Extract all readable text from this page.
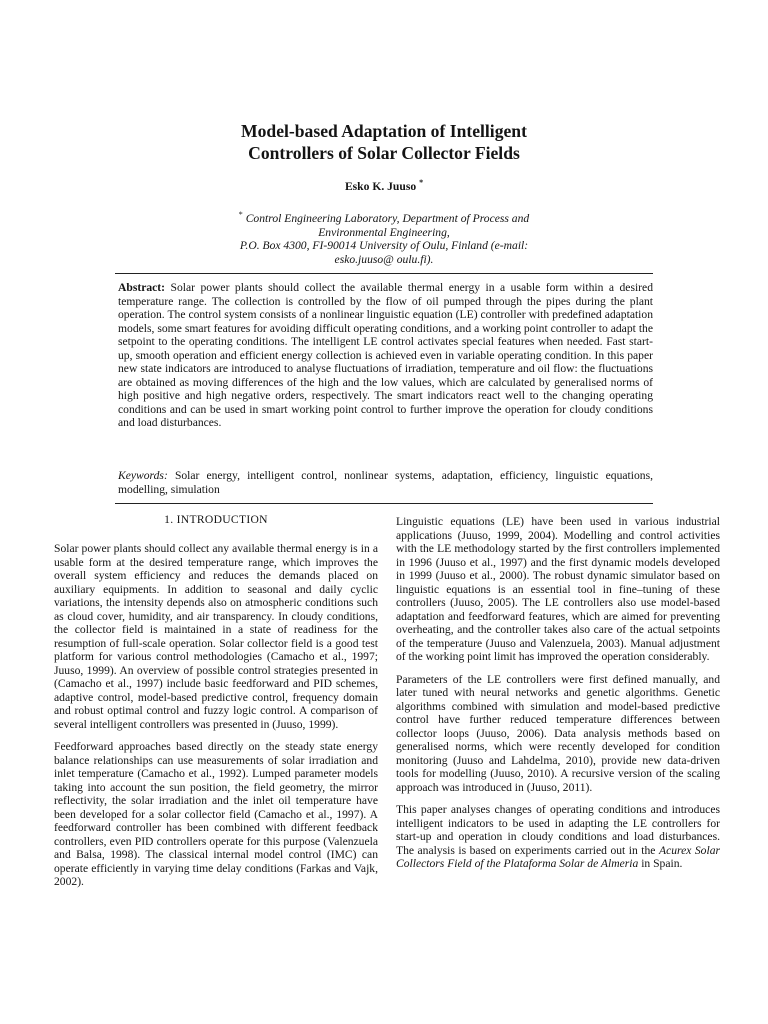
Model-based Adaptation of Intelligent
Controllers of Solar Collector Fields
Esko K. Juuso *
* Control Engineering Laboratory, Department of Process and
Environmental Engineering,
P.O. Box 4300, FI-90014 University of Oulu, Finland (e-mail:
esko.juuso@ oulu.fi).

Abstract: Solar power plants should collect the available thermal energy in a usable form within a desired temperature range. The collection is controlled by the flow of oil pumped through the pipes during the plant operation. The control system consists of a nonlinear linguistic equation (LE) controller with predefined adaptation models, some smart features for avoiding difficult operating conditions, and a working point controller to adapt the setpoint to the operating conditions. The intelligent LE control activates special features when needed. Fast start-up, smooth operation and efficient energy collection is achieved even in variable operating condition. In this paper new state indicators are introduced to analyse fluctuations of irradiation, temperature and oil flow: the fluctuations are obtained as moving differences of the high and the low values, which are calculated by generalised norms of high positive and high negative orders, respectively. The smart indicators react well to the changing operating conditions and can be used in smart working point control to further improve the operation for cloudy conditions and load disturbances.

Keywords: Solar energy, intelligent control, nonlinear systems, adaptation, efficiency, linguistic equations, modelling, simulation

1. INTRODUCTION

Solar power plants should collect any available thermal energy is in a usable form at the desired temperature range, which improves the overall system efficiency and reduces the demands placed on auxiliary equipments. In addition to seasonal and daily cyclic variations, the intensity depends also on atmospheric conditions such as cloud cover, humidity, and air transparency. In cloudy conditions, the collector field is maintained in a state of readiness for the resumption of full-scale operation. Solar collector field is a good test platform for various control methodologies (Camacho et al., 1997; Juuso, 1999). An overview of possible control strategies presented in (Camacho et al., 1997) include basic feedforward and PID schemes, adaptive control, model-based predictive control, frequency domain and robust optimal control and fuzzy logic control. A comparison of several intelligent controllers was presented in (Juuso, 1999).

Feedforward approaches based directly on the steady state energy balance relationships can use measurements of solar irradiation and inlet temperature (Camacho et al., 1992). Lumped parameter models taking into account the sun position, the field geometry, the mirror reflectivity, the solar irradiation and the inlet oil temperature have been developed for a solar collector field (Camacho et al., 1997). A feedforward controller has been combined with different feedback controllers, even PID controllers operate for this purpose (Valenzuela and Balsa, 1998). The classical internal model control (IMC) can operate efficiently in varying time delay conditions (Farkas and Vajk, 2002).

Linguistic equations (LE) have been used in various industrial applications (Juuso, 1999, 2004). Modelling and control activities with the LE methodology started by the first controllers implemented in 1996 (Juuso et al., 1997) and the first dynamic models developed in 1999 (Juuso et al., 2000). The robust dynamic simulator based on linguistic equations is an essential tool in fine–tuning of these controllers (Juuso, 2005). The LE controllers also use model-based adaptation and feedforward features, which are aimed for preventing overheating, and the controller takes also care of the actual setpoints of the temperature (Juuso and Valenzuela, 2003). Manual adjustment of the working point limit has improved the operation considerably.

Parameters of the LE controllers were first defined manually, and later tuned with neural networks and genetic algorithms. Genetic algorithms combined with simulation and model-based predictive control have further reduced temperature differences between collector loops (Juuso, 2006). Data analysis methods based on generalised norms, which were recently developed for condition monitoring (Juuso and Lahdelma, 2010), provide new data-driven tools for modelling (Juuso, 2010). A recursive version of the scaling approach was introduced in (Juuso, 2011).

This paper analyses changes of operating conditions and introduces intelligent indicators to be used in adapting the LE controllers for start-up and operation in cloudy conditions and load disturbances. The analysis is based on experiments carried out in the Acurex Solar Collectors Field of the Plataforma Solar de Almeria in Spain.
